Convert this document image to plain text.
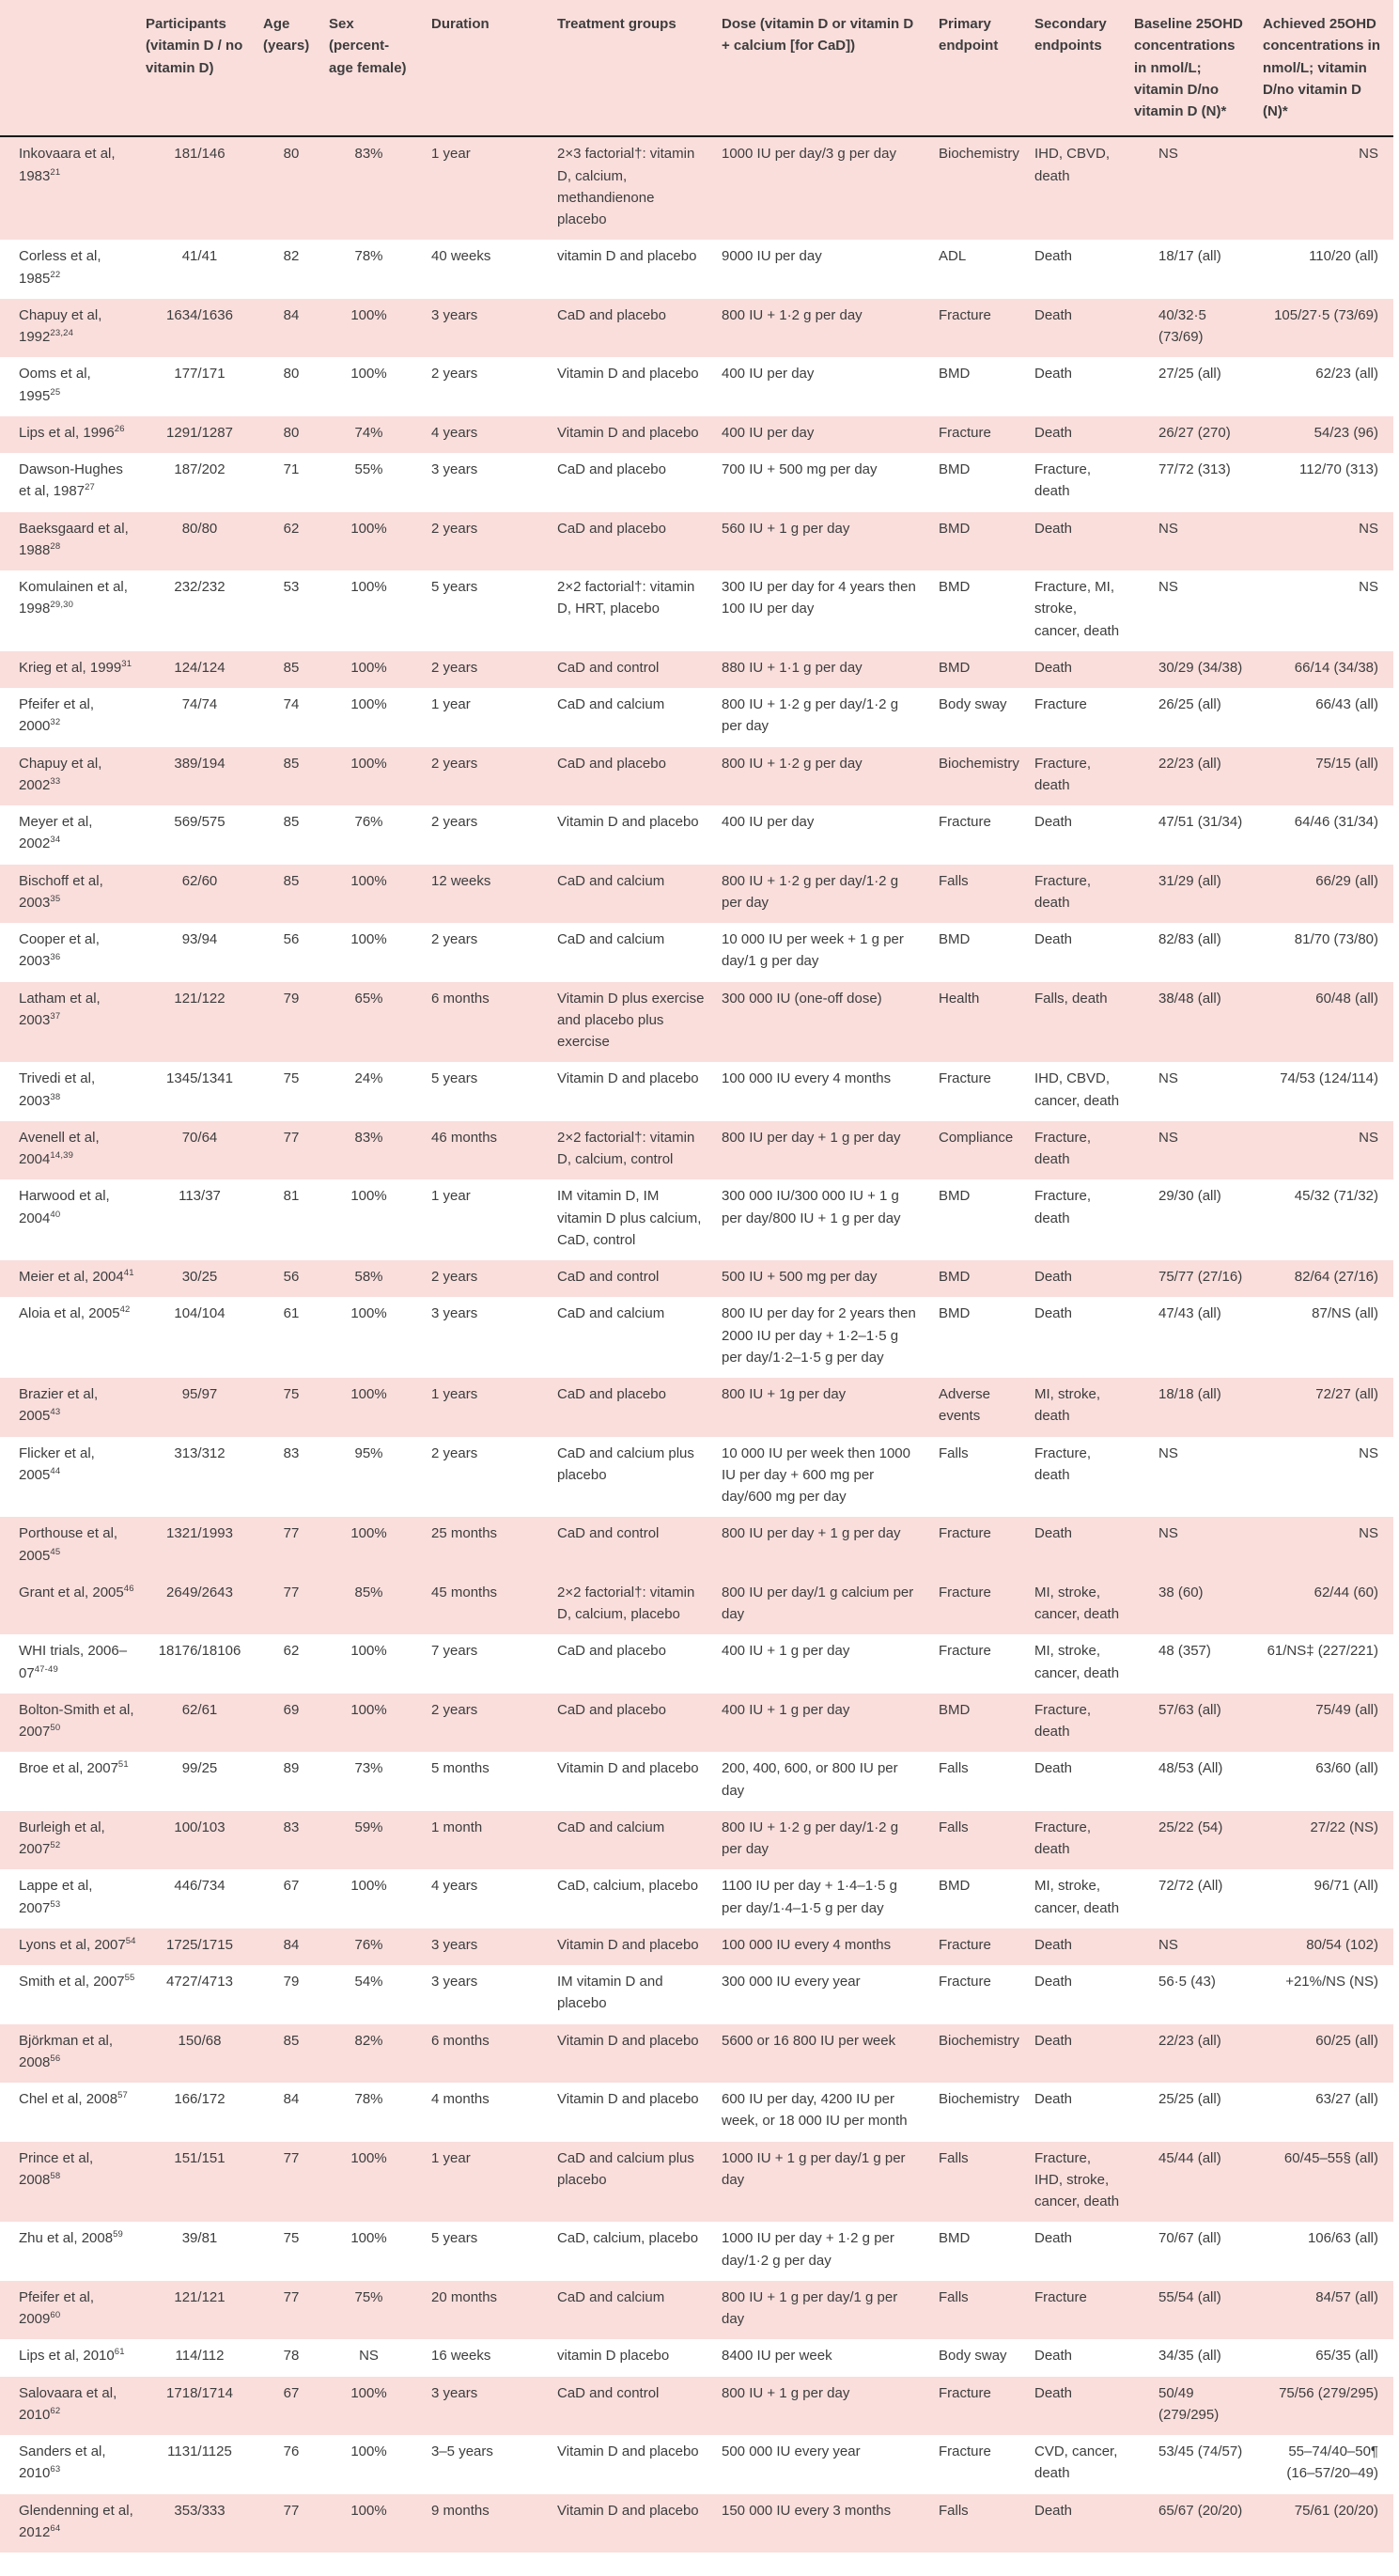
	Participants (vitamin D / no vitamin D)	Age (years)	Sex (percent-age female)	Duration	Treatment groups	Dose (vitamin D or vitamin D + calcium [for CaD])	Primary endpoint	Secondary endpoints	Baseline 25OHD concentrations in nmol/L; vitamin D/no vitamin D (N)*	Achieved 25OHD concentrations in nmol/L; vitamin D/no vitamin D (N)*
Inkovaara et al, 1983$^{21}$	181/146	80	83%	1 year	2×3 factorial†: vitamin D, calcium, methandienone placebo	1000 IU per day/3 g per day	Biochemistry	IHD, CBVD, death	NS	NS
Corless et al, 1985$^{22}$	41/41	82	78%	40 weeks	vitamin D and placebo	9000 IU per day	ADL	Death	18/17 (all)	110/20 (all)
Chapuy et al, 1992$^{23,24}$	1634/1636	84	100%	3 years	CaD and placebo	800 IU + 1·2 g per day	Fracture	Death	40/32·5 (73/69)	105/27·5 (73/69)
Ooms et al, 1995$^{25}$	177/171	80	100%	2 years	Vitamin D and placebo	400 IU per day	BMD	Death	27/25 (all)	62/23 (all)
Lips et al, 1996$^{26}$	1291/1287	80	74%	4 years	Vitamin D and placebo	400 IU per day	Fracture	Death	26/27 (270)	54/23 (96)
Dawson-Hughes et al, 1987$^{27}$	187/202	71	55%	3 years	CaD and placebo	700 IU + 500 mg per day	BMD	Fracture, death	77/72 (313)	112/70 (313)
Baeksgaard et al, 1988$^{28}$	80/80	62	100%	2 years	CaD and placebo	560 IU + 1 g per day	BMD	Death	NS	NS
Komulainen et al, 1998$^{29,30}$	232/232	53	100%	5 years	2×2 factorial†: vitamin D, HRT, placebo	300 IU per day for 4 years then 100 IU per day	BMD	Fracture, MI, stroke, cancer, death	NS	NS
Krieg et al, 1999$^{31}$	124/124	85	100%	2 years	CaD and control	880 IU + 1·1 g per day	BMD	Death	30/29 (34/38)	66/14 (34/38)
Pfeifer et al, 2000$^{32}$	74/74	74	100%	1 year	CaD and calcium	800 IU + 1·2 g per day/1·2 g per day	Body sway	Fracture	26/25 (all)	66/43 (all)
Chapuy et al, 2002$^{33}$	389/194	85	100%	2 years	CaD and placebo	800 IU + 1·2 g per day	Biochemistry	Fracture, death	22/23 (all)	75/15 (all)
Meyer et al, 2002$^{34}$	569/575	85	76%	2 years	Vitamin D and placebo	400 IU per day	Fracture	Death	47/51 (31/34)	64/46 (31/34)
Bischoff et al, 2003$^{35}$	62/60	85	100%	12 weeks	CaD and calcium	800 IU + 1·2 g per day/1·2 g per day	Falls	Fracture, death	31/29 (all)	66/29 (all)
Cooper et al, 2003$^{36}$	93/94	56	100%	2 years	CaD and calcium	10 000 IU per week + 1 g per day/1 g per day	BMD	Death	82/83 (all)	81/70 (73/80)
Latham et al, 2003$^{37}$	121/122	79	65%	6 months	Vitamin D plus exercise and placebo plus exercise	300 000 IU (one-off dose)	Health	Falls, death	38/48 (all)	60/48 (all)
Trivedi et al, 2003$^{38}$	1345/1341	75	24%	5 years	Vitamin D and placebo	100 000 IU every 4 months	Fracture	IHD, CBVD, cancer, death	NS	74/53 (124/114)
Avenell et al, 2004$^{14,39}$	70/64	77	83%	46 months	2×2 factorial†: vitamin D, calcium, control	800 IU per day + 1 g per day	Compliance	Fracture, death	NS	NS
Harwood et al, 2004$^{40}$	113/37	81	100%	1 year	IM vitamin D, IM vitamin D plus calcium, CaD, control	300 000 IU/300 000 IU + 1 g per day/800 IU + 1 g per day	BMD	Fracture, death	29/30 (all)	45/32 (71/32)
Meier et al, 2004$^{41}$	30/25	56	58%	2 years	CaD and control	500 IU + 500 mg per day	BMD	Death	75/77 (27/16)	82/64 (27/16)
Aloia et al, 2005$^{42}$	104/104	61	100%	3 years	CaD and calcium	800 IU per day for 2 years then 2000 IU per day + 1·2–1·5 g per day/1·2–1·5 g per day	BMD	Death	47/43 (all)	87/NS (all)
Brazier et al, 2005$^{43}$	95/97	75	100%	1 years	CaD and placebo	800 IU + 1g per day	Adverse events	MI, stroke, death	18/18 (all)	72/27 (all)
Flicker et al, 2005$^{44}$	313/312	83	95%	2 years	CaD and calcium plus placebo	10 000 IU per week then 1000 IU per day + 600 mg per day/600 mg per day	Falls	Fracture, death	NS	NS
Porthouse et al, 2005$^{45}$	1321/1993	77	100%	25 months	CaD and control	800 IU per day + 1 g per day	Fracture	Death	NS	NS
Grant et al, 2005$^{46}$	2649/2643	77	85%	45 months	2×2 factorial†: vitamin D, calcium, placebo	800 IU per day/1 g calcium per day	Fracture	MI, stroke, cancer, death	38 (60)	62/44 (60)
WHI trials, 2006–07$^{47-49}$	18176/18106	62	100%	7 years	CaD and placebo	400 IU + 1 g per day	Fracture	MI, stroke, cancer, death	48 (357)	61/NS‡ (227/221)
Bolton-Smith et al, 2007$^{50}$	62/61	69	100%	2 years	CaD and placebo	400 IU + 1 g per day	BMD	Fracture, death	57/63 (all)	75/49 (all)
Broe et al, 2007$^{51}$	99/25	89	73%	5 months	Vitamin D and placebo	200, 400, 600, or 800 IU per day	Falls	Death	48/53 (All)	63/60 (all)
Burleigh et al, 2007$^{52}$	100/103	83	59%	1 month	CaD and calcium	800 IU + 1·2 g per day/1·2 g per day	Falls	Fracture, death	25/22 (54)	27/22 (NS)
Lappe et al, 2007$^{53}$	446/734	67	100%	4 years	CaD, calcium, placebo	1100 IU per day + 1·4–1·5 g per day/1·4–1·5 g per day	BMD	MI, stroke, cancer, death	72/72 (All)	96/71 (All)
Lyons et al, 2007$^{54}$	1725/1715	84	76%	3 years	Vitamin D and placebo	100 000 IU every 4 months	Fracture	Death	NS	80/54 (102)
Smith et al, 2007$^{55}$	4727/4713	79	54%	3 years	IM vitamin D and placebo	300 000 IU every year	Fracture	Death	56·5 (43)	+21%/NS (NS)
Björkman et al, 2008$^{56}$	150/68	85	82%	6 months	Vitamin D and placebo	5600 or 16 800 IU per week	Biochemistry	Death	22/23 (all)	60/25 (all)
Chel et al, 2008$^{57}$	166/172	84	78%	4 months	Vitamin D and placebo	600 IU per day, 4200 IU per week, or 18 000 IU per month	Biochemistry	Death	25/25 (all)	63/27 (all)
Prince et al, 2008$^{58}$	151/151	77	100%	1 year	CaD and calcium plus placebo	1000 IU + 1 g per day/1 g per day	Falls	Fracture, IHD, stroke, cancer, death	45/44 (all)	60/45–55§ (all)
Zhu et al, 2008$^{59}$	39/81	75	100%	5 years	CaD, calcium, placebo	1000 IU per day + 1·2 g per day/1·2 g per day	BMD	Death	70/67 (all)	106/63 (all)
Pfeifer et al, 2009$^{60}$	121/121	77	75%	20 months	CaD and calcium	800 IU + 1 g per day/1 g per day	Falls	Fracture	55/54 (all)	84/57 (all)
Lips et al, 2010$^{61}$	114/112	78	NS	16 weeks	vitamin D placebo	8400 IU per week	Body sway	Death	34/35 (all)	65/35 (all)
Salovaara et al, 2010$^{62}$	1718/1714	67	100%	3 years	CaD and control	800 IU + 1 g per day	Fracture	Death	50/49 (279/295)	75/56 (279/295)
Sanders et al, 2010$^{63}$	1131/1125	76	100%	3–5 years	Vitamin D and placebo	500 000 IU every year	Fracture	CVD, cancer, death	53/45 (74/57)	55–74/40–50¶ (16–57/20–49)
Glendenning et al, 2012$^{64}$	353/333	77	100%	9 months	Vitamin D and placebo	150 000 IU every 3 months	Falls	Death	65/67 (20/20)	75/61 (20/20)
